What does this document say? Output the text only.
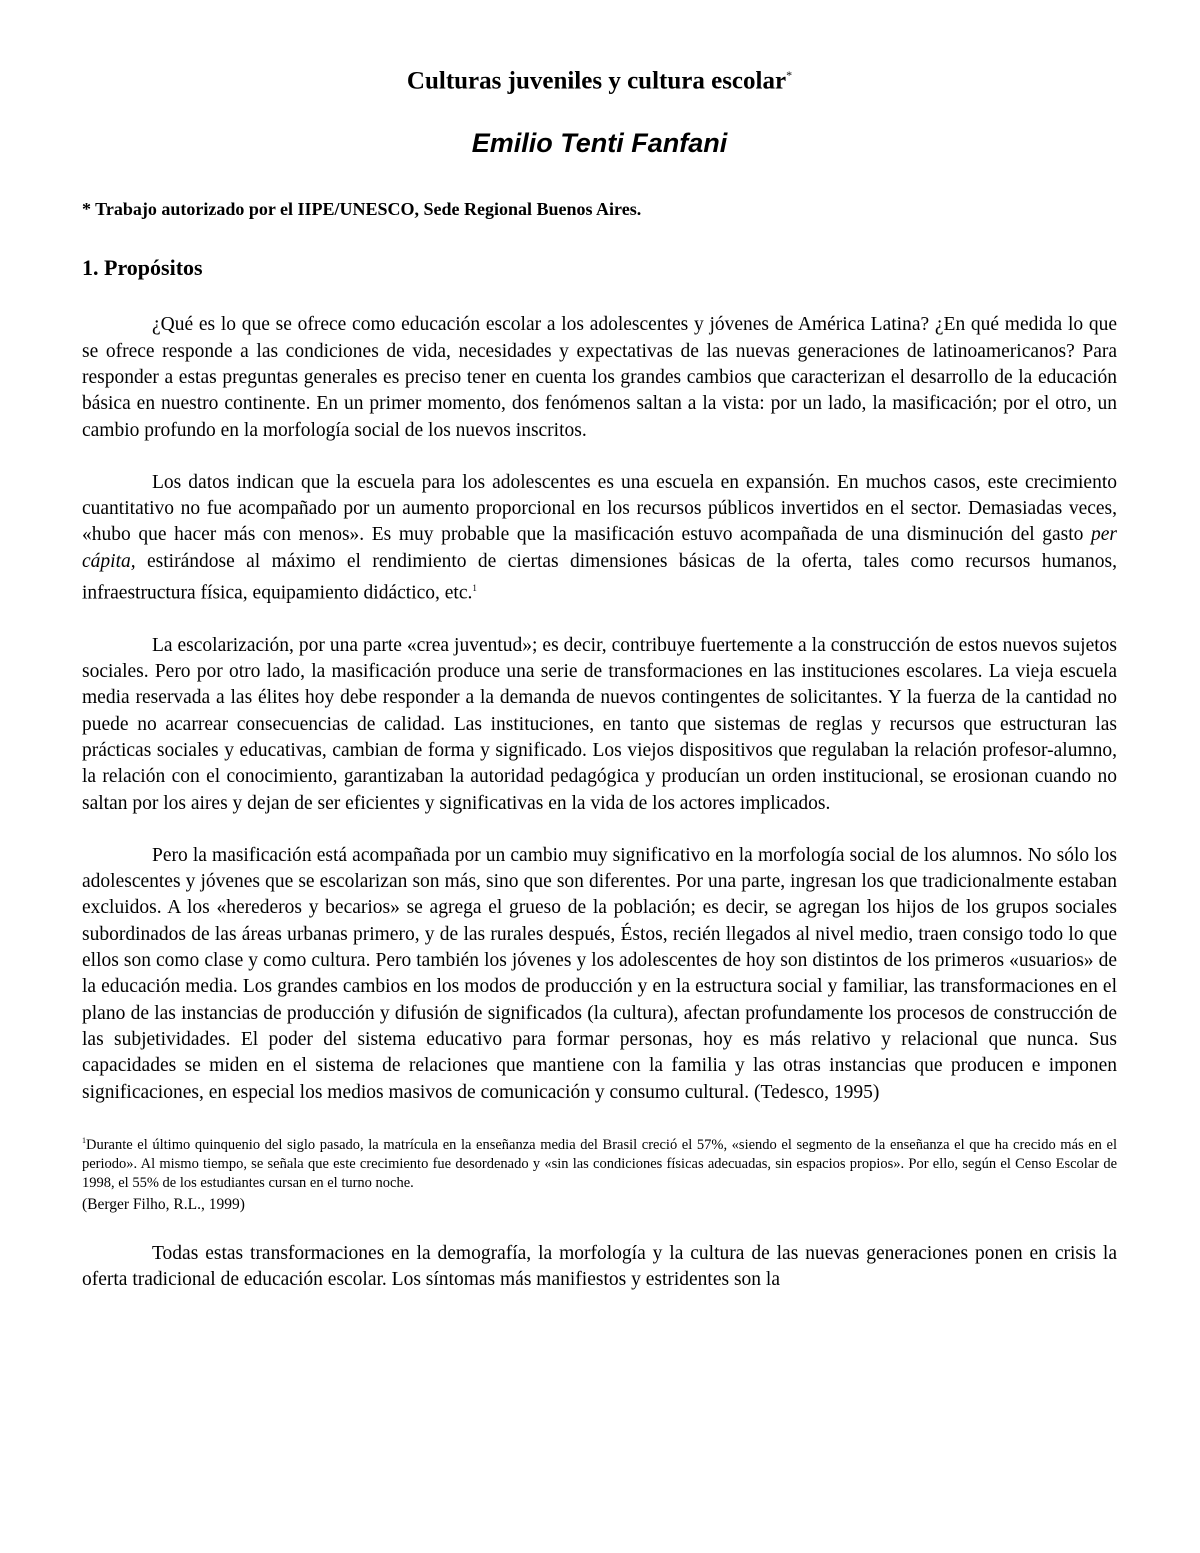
Culturas juveniles y cultura escolar*
Emilio Tenti Fanfani
* Trabajo autorizado por el IIPE/UNESCO, Sede Regional Buenos Aires.
1. Propósitos

¿Qué es lo que se ofrece como educación escolar a los adolescentes y jóvenes de América Latina? ¿En qué medida lo que se ofrece responde a las condiciones de vida, necesidades y expectativas de las nuevas generaciones de latinoamericanos? Para responder a estas preguntas generales es preciso tener en cuenta los grandes cambios que caracterizan el desarrollo de la educación básica en nuestro continente. En un primer momento, dos fenómenos saltan a la vista: por un lado, la masificación; por el otro, un cambio profundo en la morfología social de los nuevos inscritos.

Los datos indican que la escuela para los adolescentes es una escuela en expansión. En muchos casos, este crecimiento cuantitativo no fue acompañado por un aumento proporcional en los recursos públicos invertidos en el sector. Demasiadas veces, «hubo que hacer más con menos». Es muy probable que la masificación estuvo acompañada de una disminución del gasto per cápita, estirándose al máximo el rendimiento de ciertas dimensiones básicas de la oferta, tales como recursos humanos, infraestructura física, equipamiento didáctico, etc.$^1$

La escolarización, por una parte «crea juventud»; es decir, contribuye fuertemente a la construcción de estos nuevos sujetos sociales. Pero por otro lado, la masificación produce una serie de transformaciones en las instituciones escolares. La vieja escuela media reservada a las élites hoy debe responder a la demanda de nuevos contingentes de solicitantes. Y la fuerza de la cantidad no puede no acarrear consecuencias de calidad. Las instituciones, en tanto que sistemas de reglas y recursos que estructuran las prácticas sociales y educativas, cambian de forma y significado. Los viejos dispositivos que regulaban la relación profesor-alumno, la relación con el conocimiento, garantizaban la autoridad pedagógica y producían un orden institucional, se erosionan cuando no saltan por los aires y dejan de ser eficientes y significativas en la vida de los actores implicados.

Pero la masificación está acompañada por un cambio muy significativo en la morfología social de los alumnos. No sólo los adolescentes y jóvenes que se escolarizan son más, sino que son diferentes. Por una parte, ingresan los que tradicionalmente estaban excluidos. A los «herederos y becarios» se agrega el grueso de la población; es decir, se agregan los hijos de los grupos sociales subordinados de las áreas urbanas primero, y de las rurales después, Éstos, recién llegados al nivel medio, traen consigo todo lo que ellos son como clase y como cultura. Pero también los jóvenes y los adolescentes de hoy son distintos de los primeros «usuarios» de la educación media. Los grandes cambios en los modos de producción y en la estructura social y familiar, las transformaciones en el plano de las instancias de producción y difusión de significados (la cultura), afectan profundamente los procesos de construcción de las subjetividades. El poder del sistema educativo para formar personas, hoy es más relativo y relacional que nunca. Sus capacidades se miden en el sistema de relaciones que mantiene con la familia y las otras instancias que producen e imponen significaciones, en especial los medios masivos de comunicación y consumo cultural. (Tedesco, 1995)

$^1$Durante el último quinquenio del siglo pasado, la matrícula en la enseñanza media del Brasil creció el 57%, «siendo el segmento de la enseñanza el que ha crecido más en el periodo». Al mismo tiempo, se señala que este crecimiento fue desordenado y «sin las condiciones físicas adecuadas, sin espacios propios». Por ello, según el Censo Escolar de 1998, el 55% de los estudiantes cursan en el turno noche.
(Berger Filho, R.L., 1999)

Todas estas transformaciones en la demografía, la morfología y la cultura de las nuevas generaciones ponen en crisis la oferta tradicional de educación escolar. Los síntomas más manifiestos y estridentes son la
